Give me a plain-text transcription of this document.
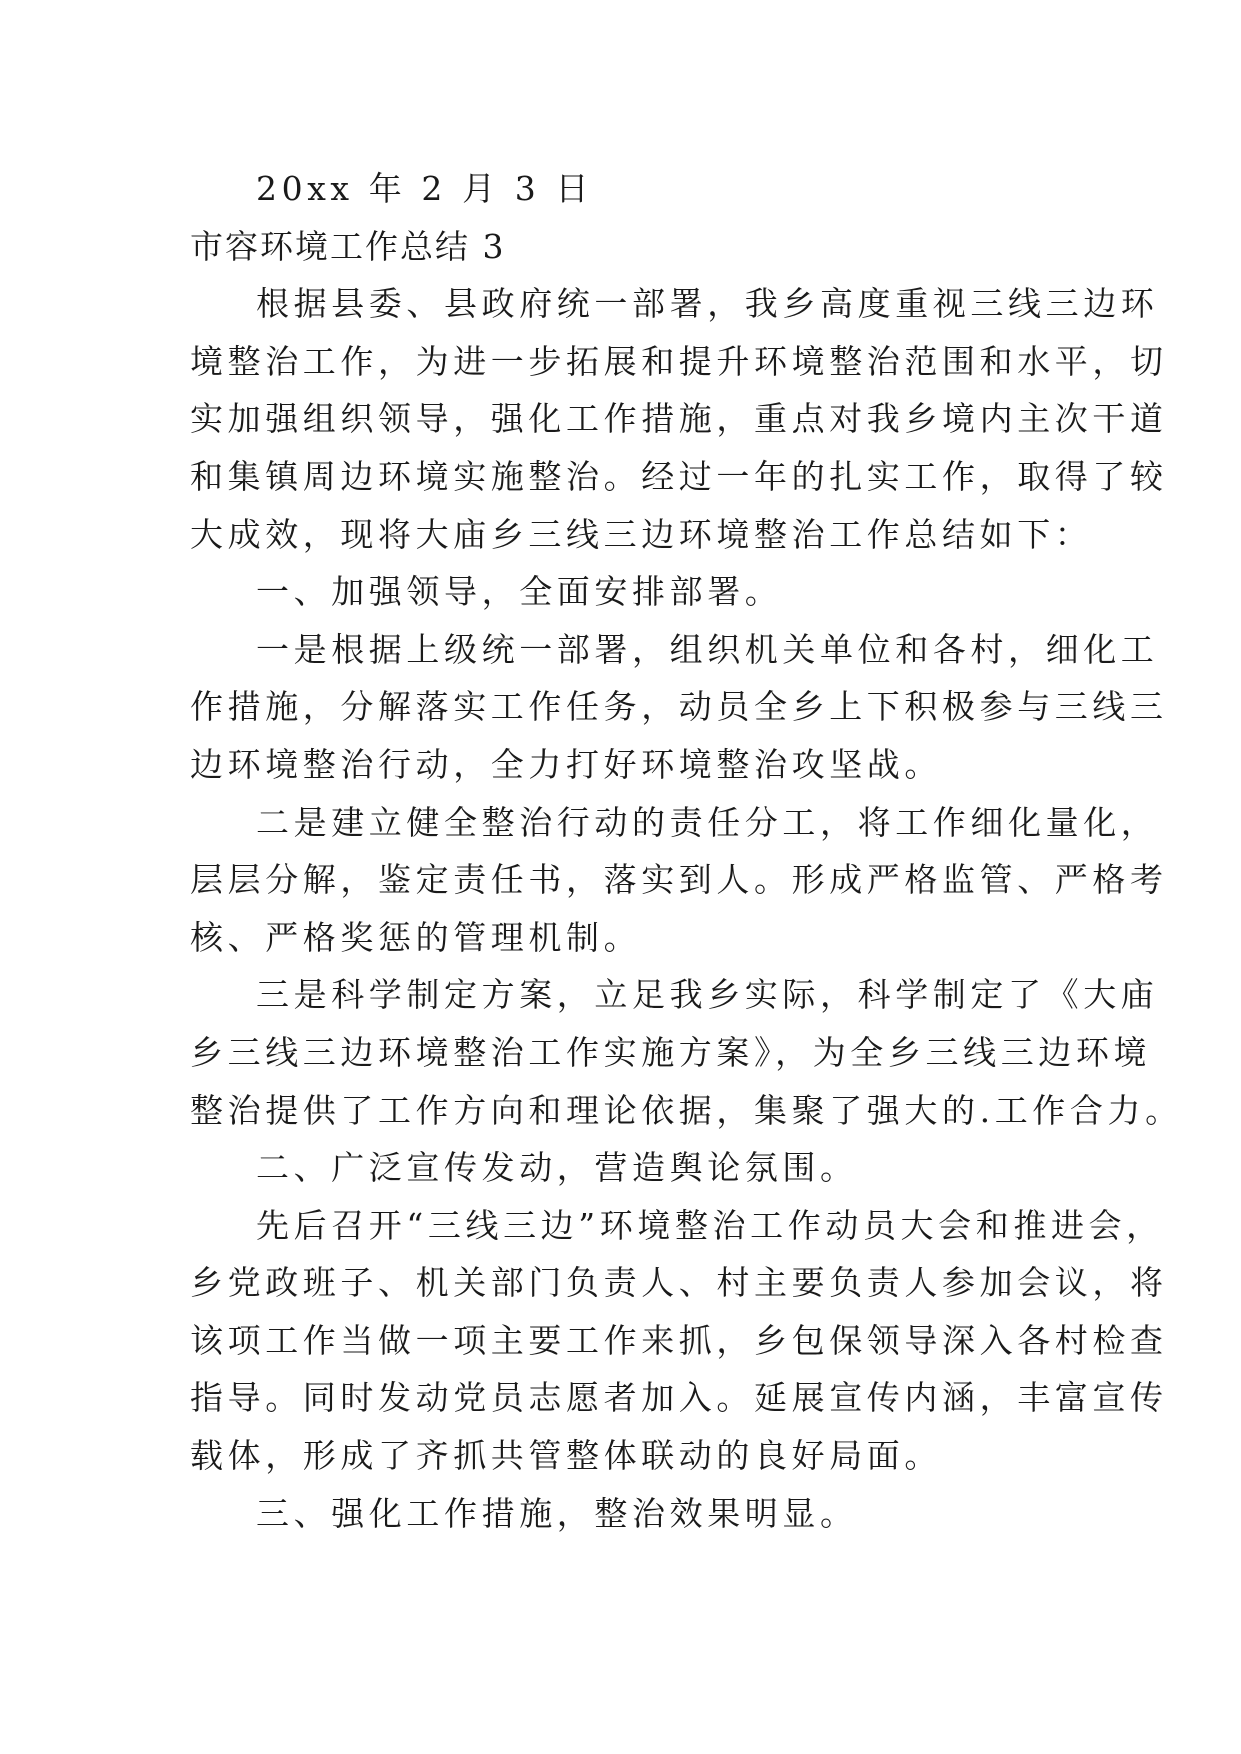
20xx 年 2 月 3 日
市容环境工作总结 3
根据县委、县政府统一部署，我乡高度重视三线三边环
境整治工作，为进一步拓展和提升环境整治范围和水平，切
实加强组织领导，强化工作措施，重点对我乡境内主次干道
和集镇周边环境实施整治。经过一年的扎实工作，取得了较
大成效，现将大庙乡三线三边环境整治工作总结如下：
一、加强领导，全面安排部署。
一是根据上级统一部署，组织机关单位和各村，细化工
作措施，分解落实工作任务，动员全乡上下积极参与三线三
边环境整治行动，全力打好环境整治攻坚战。
二是建立健全整治行动的责任分工，将工作细化量化，
层层分解，鉴定责任书，落实到人。形成严格监管、严格考
核、严格奖惩的管理机制。
三是科学制定方案，立足我乡实际，科学制定了《大庙
乡三线三边环境整治工作实施方案》，为全乡三线三边环境
整治提供了工作方向和理论依据，集聚了强大的.工作合力。
二、广泛宣传发动，营造舆论氛围。
先后召开“三线三边”环境整治工作动员大会和推进会，
乡党政班子、机关部门负责人、村主要负责人参加会议，将
该项工作当做一项主要工作来抓，乡包保领导深入各村检查
指导。同时发动党员志愿者加入。延展宣传内涵，丰富宣传
载体，形成了齐抓共管整体联动的良好局面。
三、强化工作措施，整治效果明显。
